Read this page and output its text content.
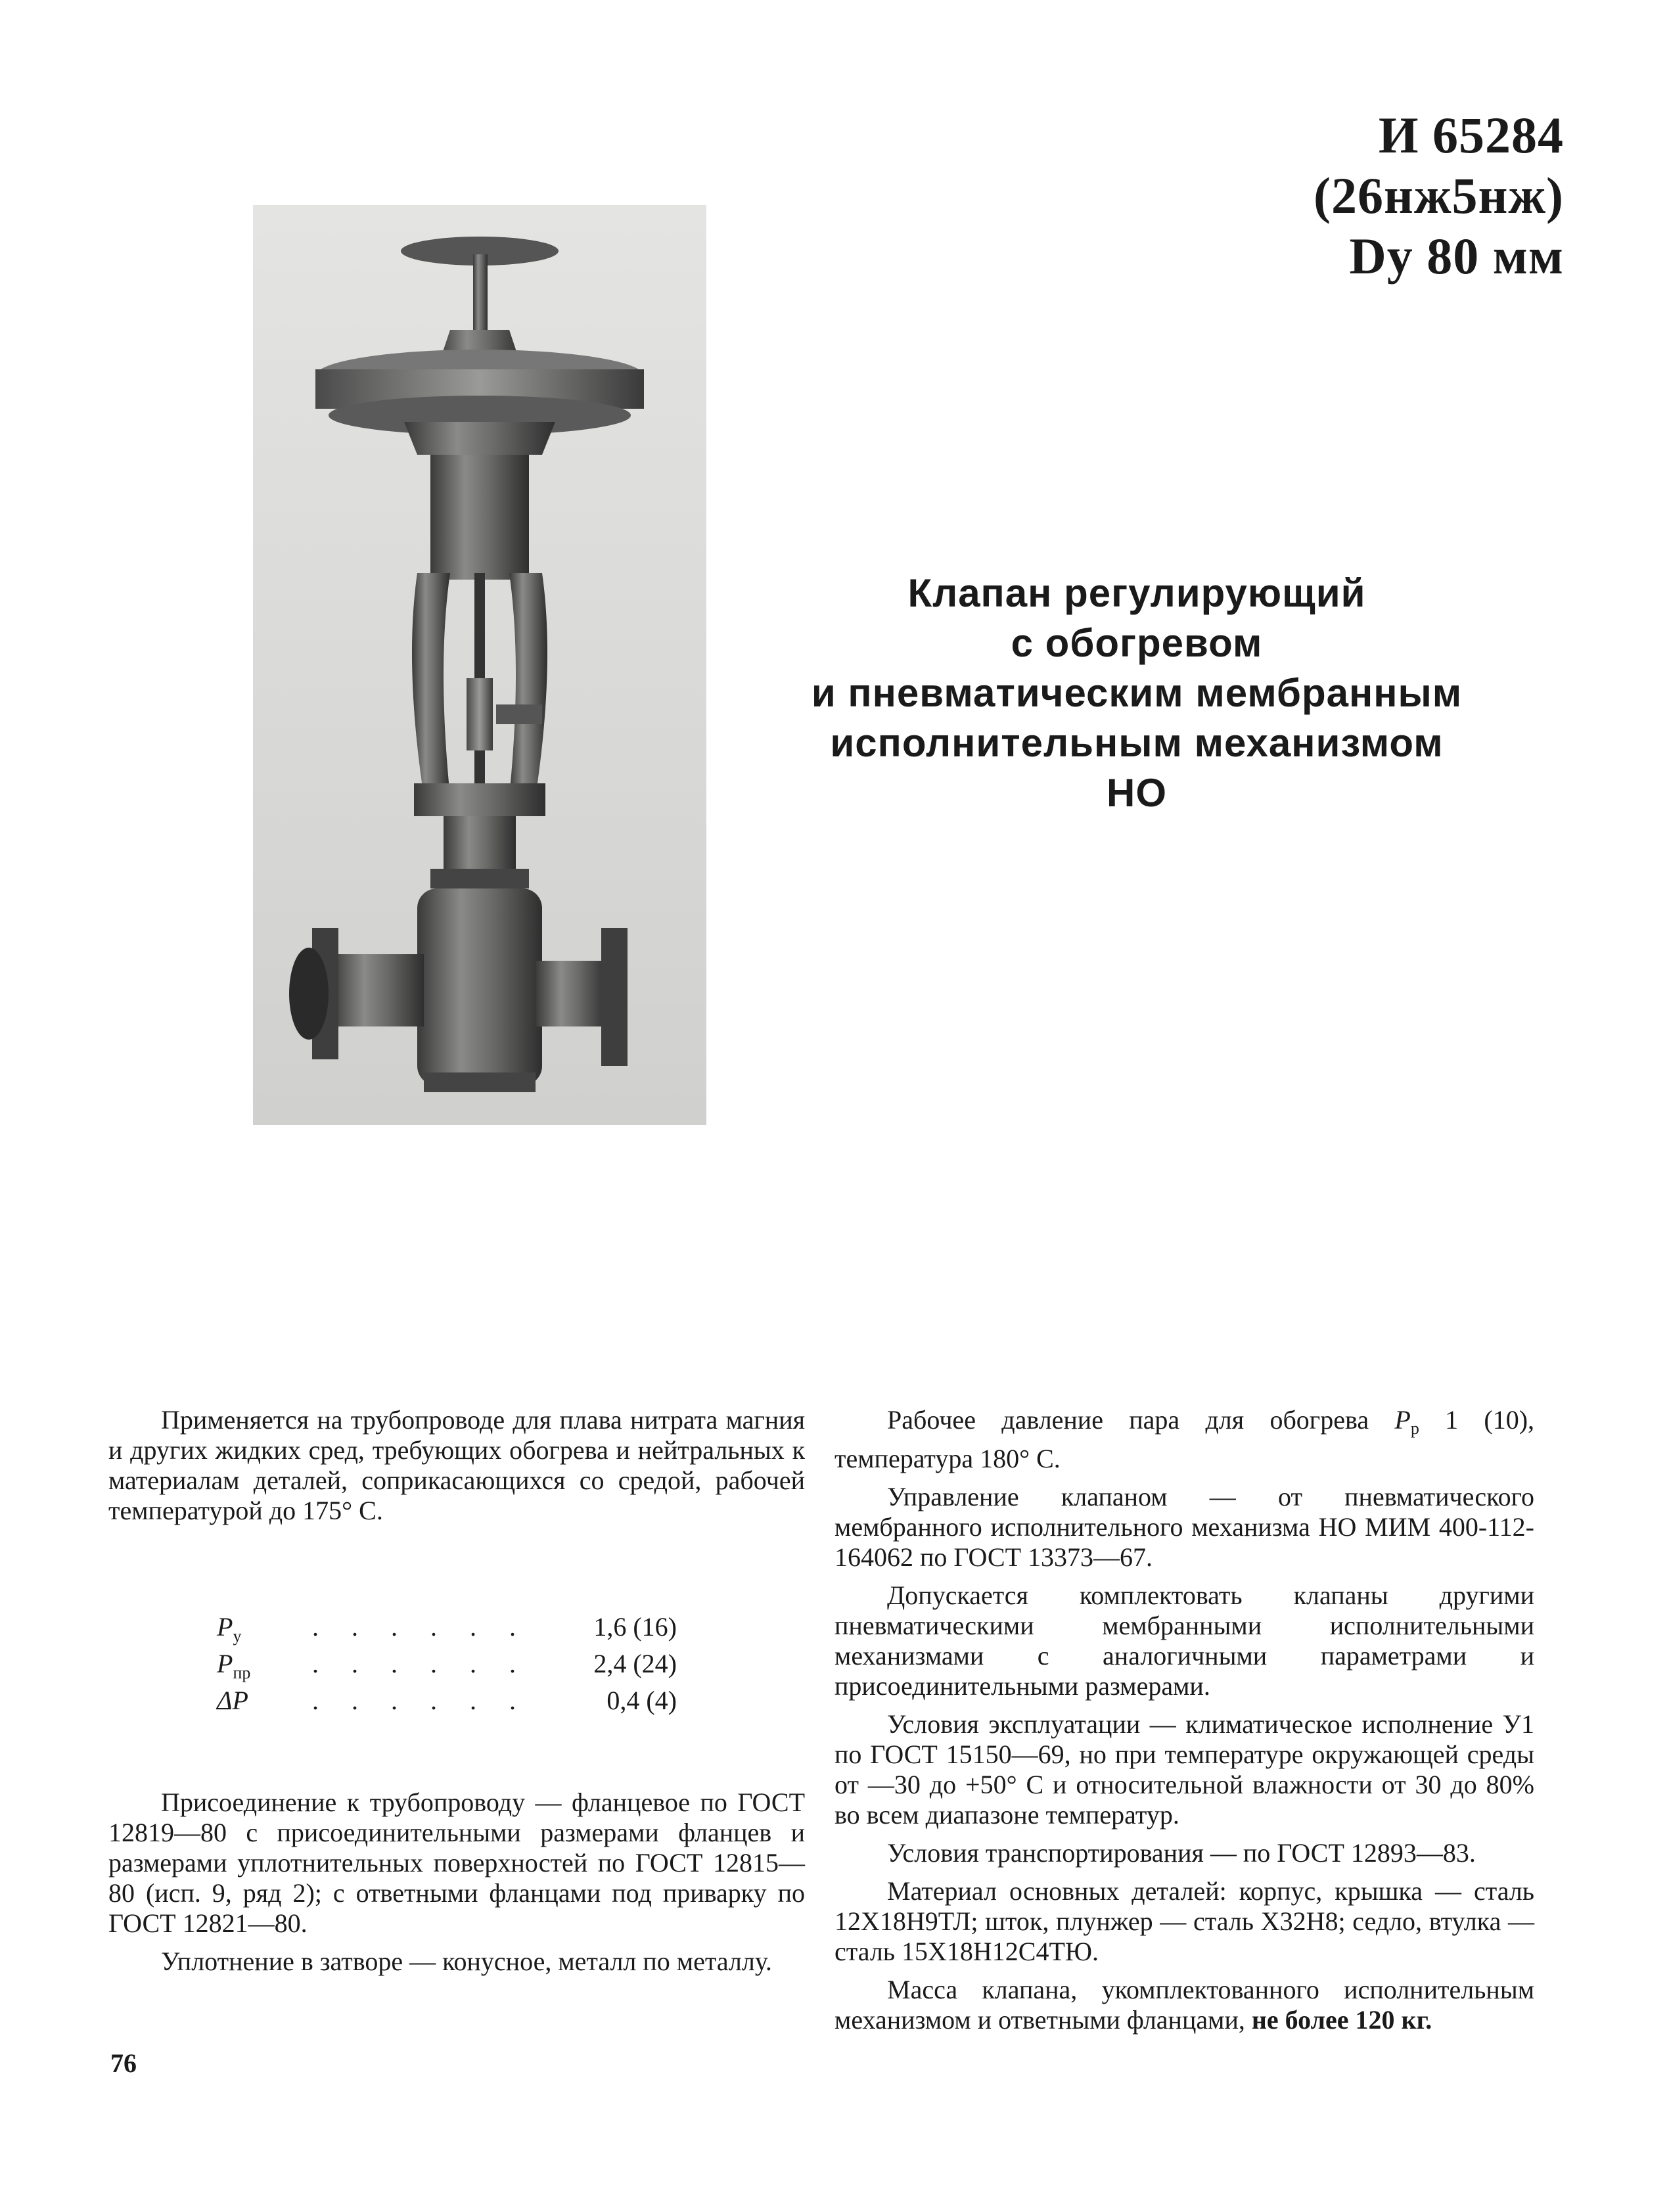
И 65284
(26нж5нж)
Dу 80 мм
Клапан регулирующий
с обогревом
и пневматическим мембранным
исполнительным механизмом
НО

Применяется на трубопроводе для плава нитрата магния и других жидких сред, требующих обогрева и нейтральных к материалам деталей, соприкасающихся со средой, рабочей температурой до 175° С.

$P_у$	. . . . . . 1,6 (16)
$P_{пр}$ . . . . . . 2,4 (24)
ΔP . . . . . .	0,4 (4)

Присоединение к трубопроводу — фланцевое по ГОСТ 12819—80 с присоединительными размерами фланцев и размерами уплотнительных поверхностей по ГОСТ 12815—80 (исп. 9, ряд 2); с ответными фланцами под приварку по ГОСТ 12821—80.

Уплотнение в затворе — конусное, металл по металлу.

76

Рабочее давление пара для обогрева $P_р$ 1 (10), температура 180° С.

Управление клапаном — от пневматического мембранного исполнительного механизма НО МИМ 400-112-164062 по ГОСТ 13373—67.

Допускается комплектовать клапаны другими пневматическими мембранными исполнительными механизмами с аналогичными параметрами и присоединительными размерами.

Условия эксплуатации — климатическое исполнение У1 по ГОСТ 15150—69, но при температуре окружающей среды от —30 до +50° С и относительной влажности от 30 до 80% во всем диапазоне температур.

Условия транспортирования — по ГОСТ 12893—83.

Материал основных деталей: корпус, крышка — сталь 12Х18Н9ТЛ; шток, плунжер — сталь Х32Н8; седло, втулка — сталь 15Х18Н12С4ТЮ.

Масса клапана, укомплектованного исполнительным механизмом и ответными фланцами, не более 120 кг.
